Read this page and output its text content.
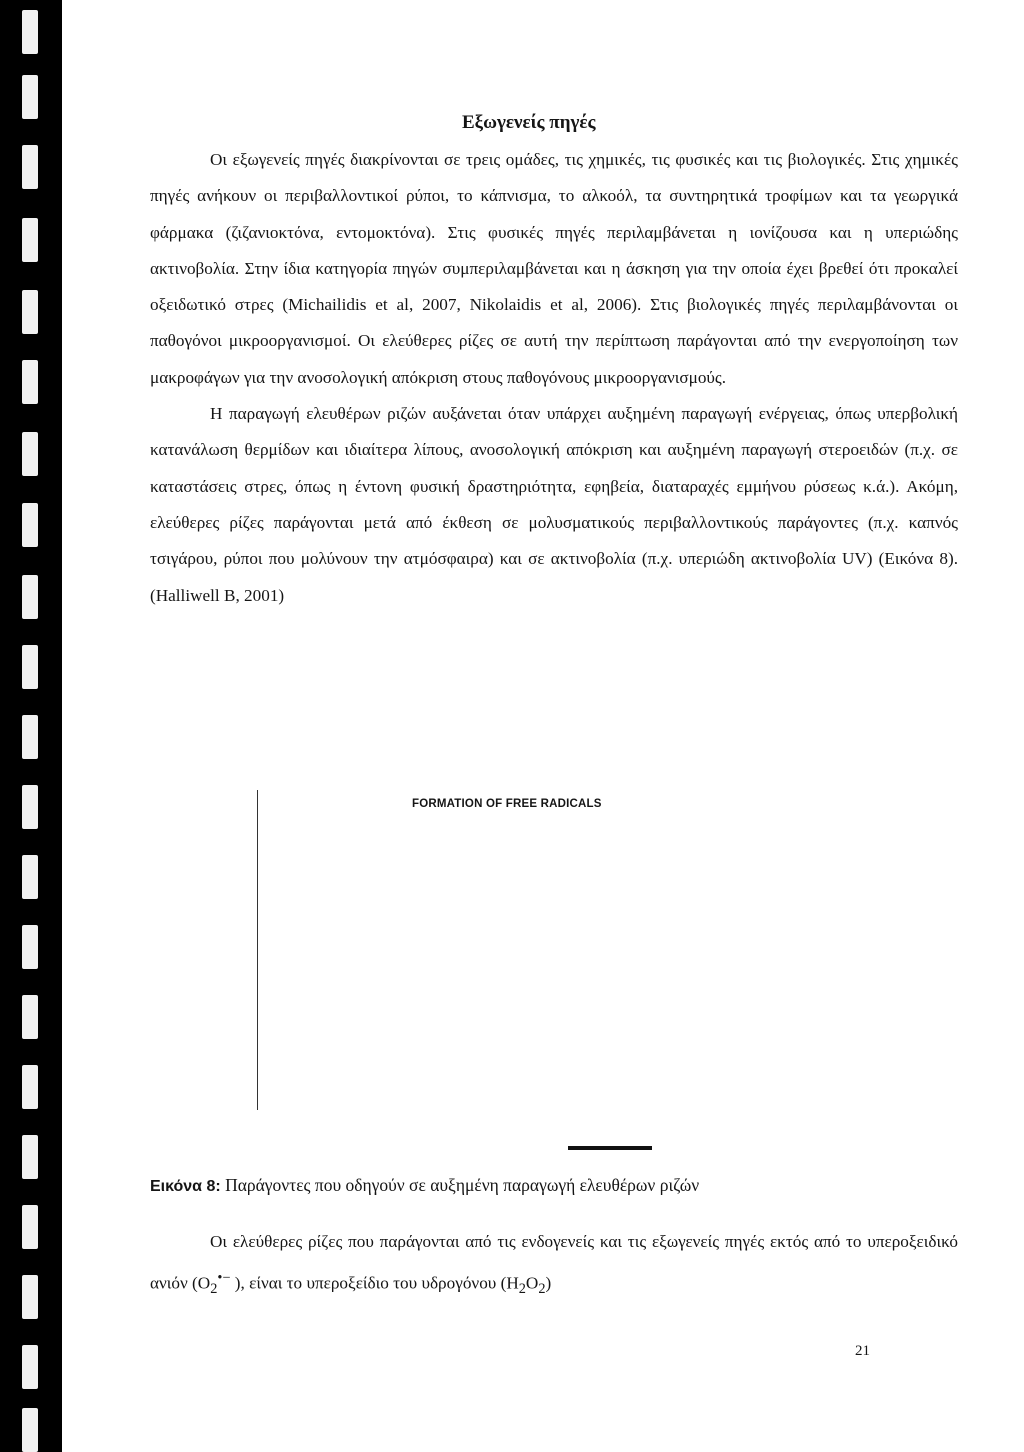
Εξωγενείς πηγές

Οι εξωγενείς πηγές διακρίνονται σε τρεις ομάδες, τις χημικές, τις φυσικές και τις βιολογικές. Στις χημικές πηγές ανήκουν οι περιβαλλοντικοί ρύποι, το κάπνισμα, το αλκοόλ, τα συντηρητικά τροφίμων και τα γεωργικά φάρμακα (ζιζανιοκτόνα, εντομοκτόνα). Στις φυσικές πηγές περιλαμβάνεται η ιονίζουσα και η υπεριώδης ακτινοβολία. Στην ίδια κατηγορία πηγών συμπεριλαμβάνεται και η άσκηση για την οποία έχει βρεθεί ότι προκαλεί οξειδωτικό στρες (Michailidis et al, 2007, Nikolaidis et al, 2006). Στις βιολογικές πηγές περιλαμβάνονται οι παθογόνοι μικροοργανισμοί. Οι ελεύθερες ρίζες σε αυτή την περίπτωση παράγονται από την ενεργοποίηση των μακροφάγων για την ανοσολογική απόκριση στους παθογόνους μικροοργανισμούς.

Η παραγωγή ελευθέρων ριζών αυξάνεται όταν υπάρχει αυξημένη παραγωγή ενέργειας, όπως υπερβολική κατανάλωση θερμίδων και ιδιαίτερα λίπους, ανοσολογική απόκριση και αυξημένη παραγωγή στεροειδών (π.χ. σε καταστάσεις στρες, όπως η έντονη φυσική δραστηριότητα, εφηβεία, διαταραχές εμμήνου ρύσεως κ.ά.). Ακόμη, ελεύθερες ρίζες παράγονται μετά από έκθεση σε μολυσματικούς περιβαλλοντικούς παράγοντες (π.χ. καπνός τσιγάρου, ρύποι που μολύνουν την ατμόσφαιρα) και σε ακτινοβολία (π.χ. υπεριώδη ακτινοβολία UV) (Εικόνα 8). (Halliwell B, 2001)

FORMATION OF FREE RADICALS

Εικόνα 8: Παράγοντες που οδηγούν σε αυξημένη παραγωγή ελευθέρων ριζών

Οι ελεύθερες ρίζες που παράγονται από τις ενδογενείς και τις εξωγενείς πηγές εκτός από το υπεροξειδικό ανιόν ($O_2^{•-}$ ), είναι το υπεροξείδιο του υδρογόνου $(H_2O_2)$

21
